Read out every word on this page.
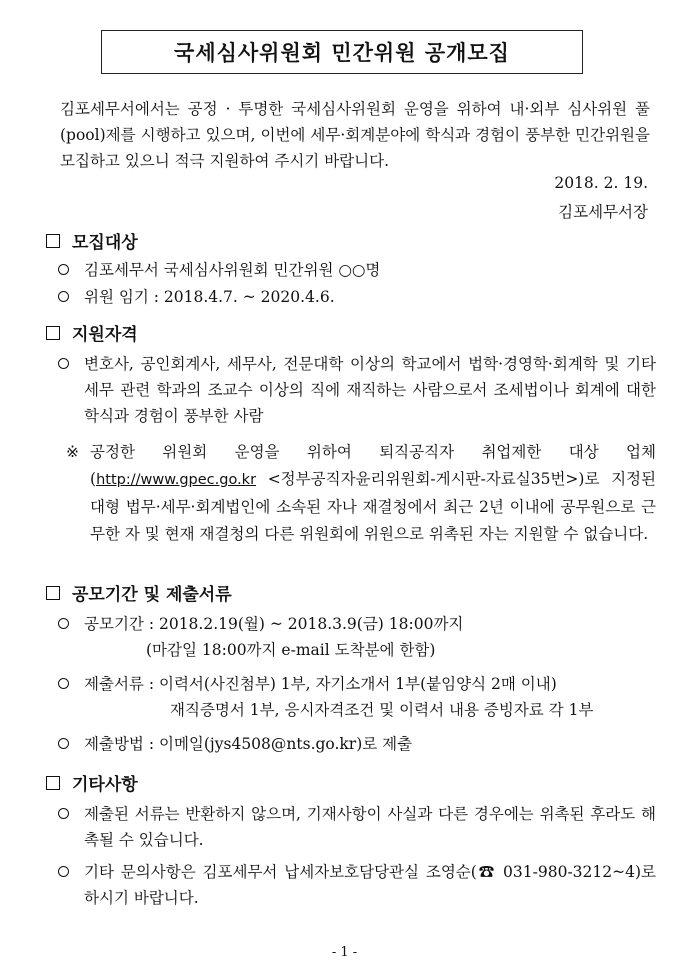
국세심사위원회 민간위원 공개모집

김포세무서에서는 공정 · 투명한 국세심사위원회 운영을 위하여 내·외부 심사위원 풀(pool)제를 시행하고 있으며, 이번에 세무·회계분야에 학식과 경험이 풍부한 민간위원을 모집하고 있으니 적극 지원하여 주시기 바랍니다.

2018. 2. 19.
김포세무서장
모집대상
김포세무서 국세심사위원회 민간위원 ○○명
위원 임기 : 2018.4.7. ~ 2020.4.6.
지원자격
변호사, 공인회계사, 세무사, 전문대학 이상의 학교에서 법학·경영학·회계학 및 기타 세무 관련 학과의 조교수 이상의 직에 재직하는 사람으로서 조세법이나 회계에 대한 학식과 경험이 풍부한 사람
※ 공정한 위원회 운영을 위하여 퇴직공직자 취업제한 대상 업체 (http://www.gpec.go.kr <정부공직자윤리위원회-게시판-자료실35번>)로 지정된 대형 법무·세무·회계법인에 소속된 자나 재결청에서 최근 2년 이내에 공무원으로 근무한 자 및 현재 재결청의 다른 위원회에 위원으로 위촉된 자는 지원할 수 없습니다.
공모기간 및 제출서류
공모기간 : 2018.2.19(월) ~ 2018.3.9(금) 18:00까지
(마감일 18:00까지 e-mail 도착분에 한함)
제출서류 : 이력서(사진첨부) 1부, 자기소개서 1부(붙임양식 2매 이내)
재직증명서 1부, 응시자격조건 및 이력서 내용 증빙자료 각 1부
제출방법 : 이메일(jys4508@nts.go.kr)로 제출
기타사항
제출된 서류는 반환하지 않으며, 기재사항이 사실과 다른 경우에는 위촉된 후라도 해촉될 수 있습니다.
기타 문의사항은 김포세무서 납세자보호담당관실 조영순(☎ 031-980-3212~4)로 하시기 바랍니다.
- 1 -
